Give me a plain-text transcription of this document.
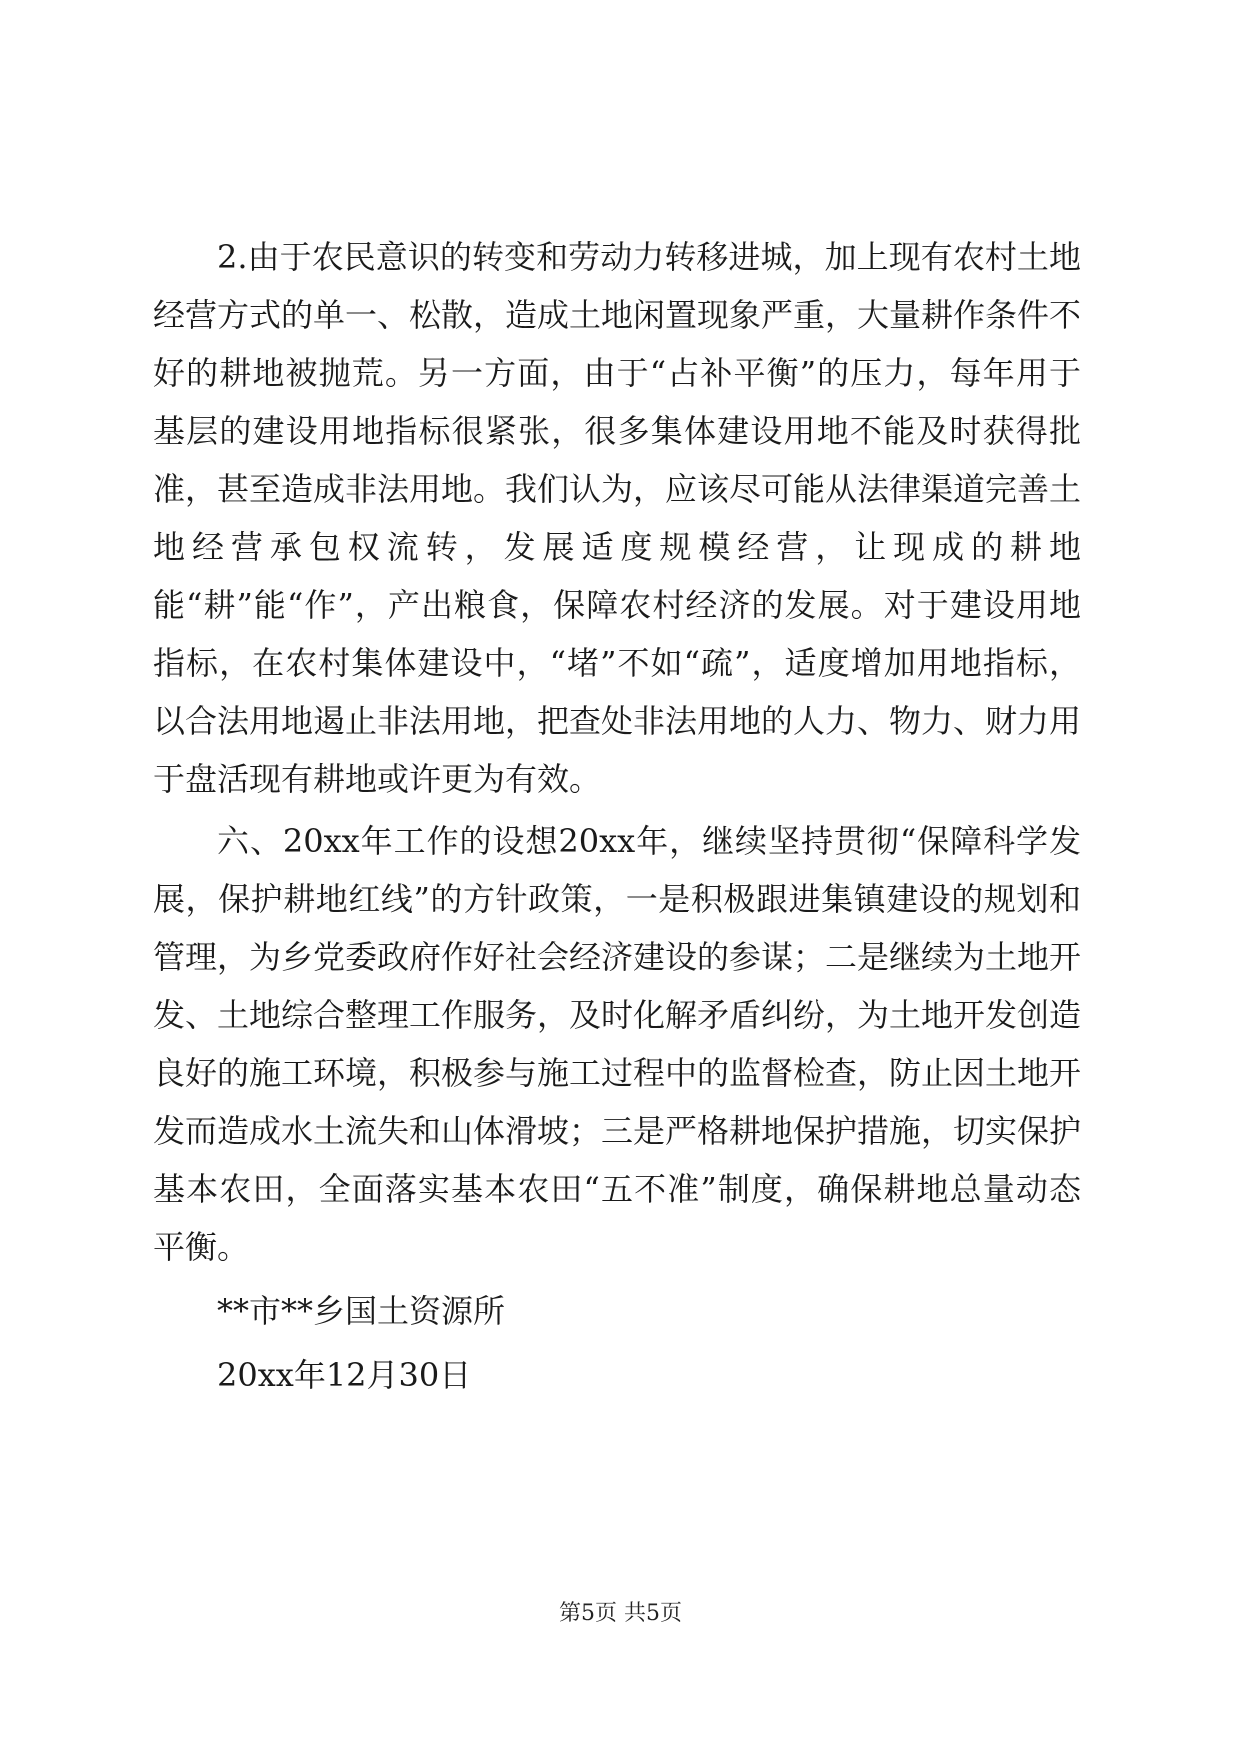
2.由于农民意识的转变和劳动力转移进城，加上现有农村土地经营方式的单一、松散，造成土地闲置现象严重，大量耕作条件不好的耕地被抛荒。另一方面，由于“占补平衡”的压力，每年用于基层的建设用地指标很紧张，很多集体建设用地不能及时获得批准，甚至造成非法用地。我们认为，应该尽可能从法律渠道完善土地经营承包权流转，发展适度规模经营，让现成的耕地能“耕”能“作”，产出粮食，保障农村经济的发展。对于建设用地指标，在农村集体建设中，“堵”不如“疏”，适度增加用地指标，以合法用地遏止非法用地，把查处非法用地的人力、物力、财力用于盘活现有耕地或许更为有效。

六、20xx年工作的设想20xx年，继续坚持贯彻“保障科学发展，保护耕地红线”的方针政策，一是积极跟进集镇建设的规划和管理，为乡党委政府作好社会经济建设的参谋；二是继续为土地开发、土地综合整理工作服务，及时化解矛盾纠纷，为土地开发创造良好的施工环境，积极参与施工过程中的监督检查，防止因土地开发而造成水土流失和山体滑坡；三是严格耕地保护措施，切实保护基本农田，全面落实基本农田“五不准”制度，确保耕地总量动态平衡。

**市**乡国土资源所

20xx年12月30日

第5页 共5页
